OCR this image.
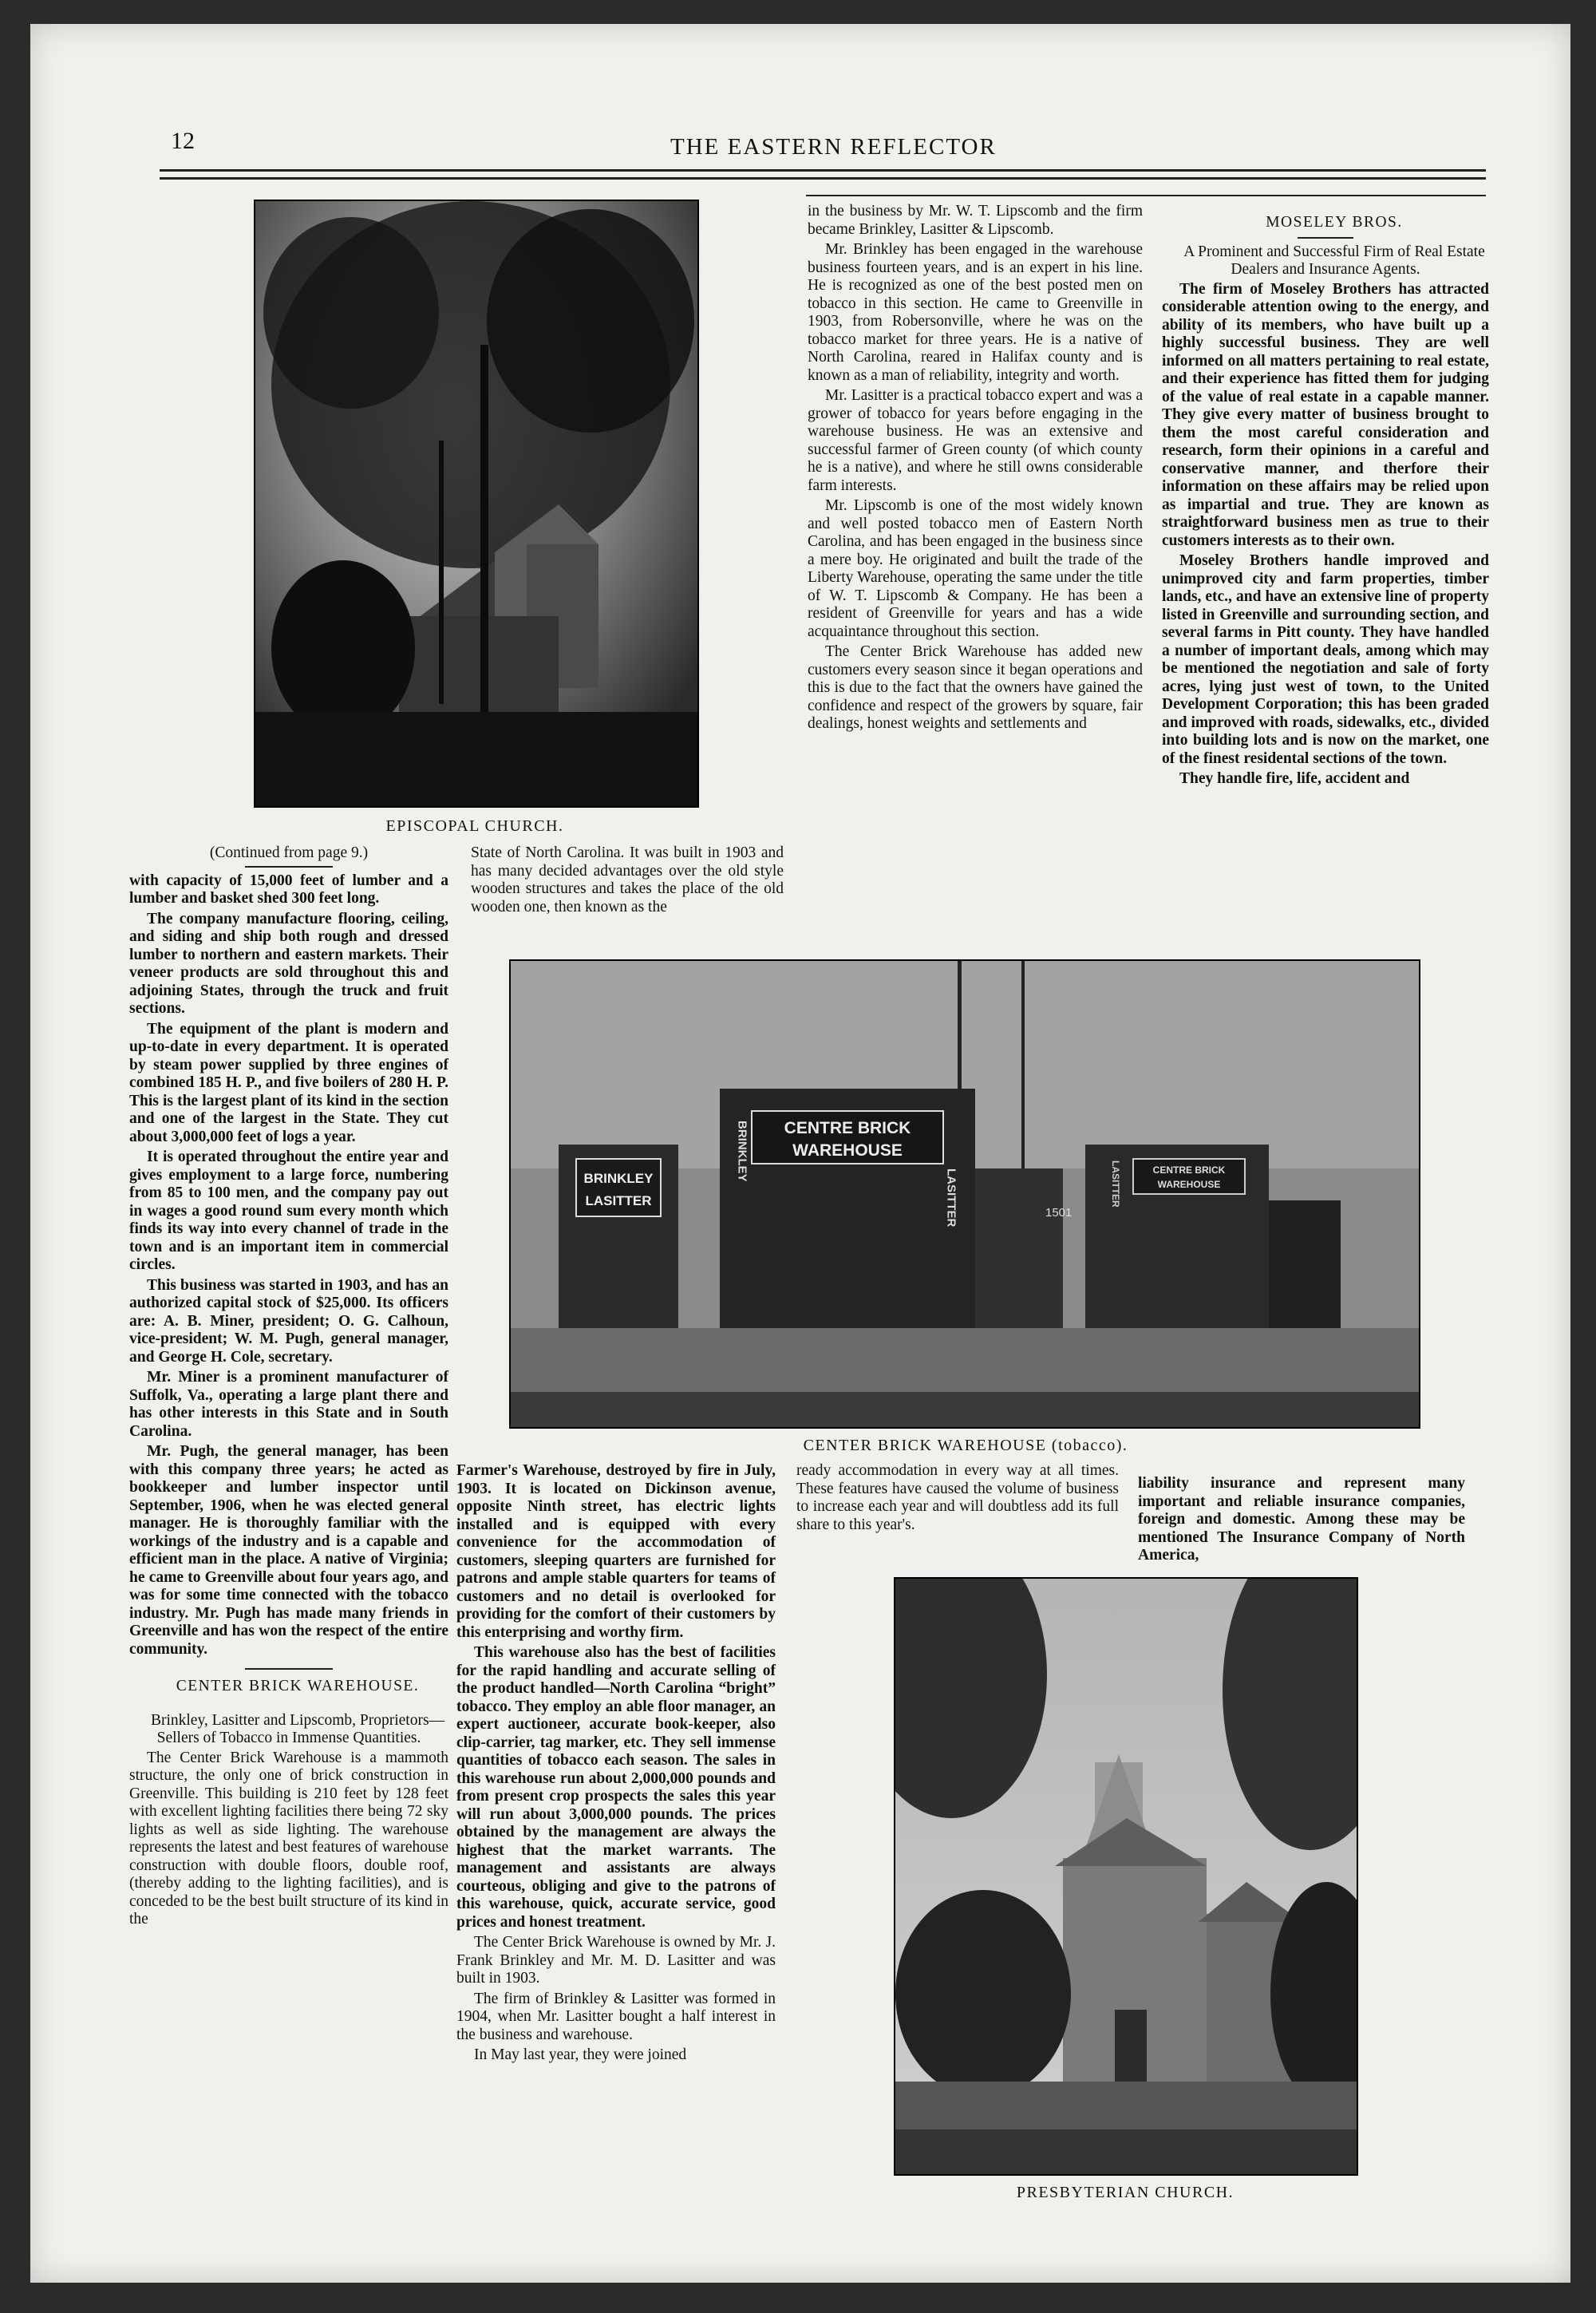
12	THE EASTERN REFLECTOR
EPISCOPAL CHURCH.

(Continued from page 9.)

with capacity of 15,000 feet of lumber and a lumber and basket shed 300 feet long.

The company manufacture flooring, ceiling, and siding and ship both rough and dressed lumber to northern and eastern markets. Their veneer products are sold throughout this and adjoining States, through the truck and fruit sections.

The equipment of the plant is modern and up-to-date in every department. It is operated by steam power supplied by three engines of combined 185 H. P., and five boilers of 280 H. P. This is the largest plant of its kind in the section and one of the largest in the State. They cut about 3,000,000 feet of logs a year.

It is operated throughout the entire year and gives employment to a large force, numbering from 85 to 100 men, and the company pay out in wages a good round sum every month which finds its way into every channel of trade in the town and is an important item in commercial circles.

This business was started in 1903, and has an authorized capital stock of $25,000. Its officers are: A. B. Miner, president; O. G. Calhoun, vice-president; W. M. Pugh, general manager, and George H. Cole, secretary.

Mr. Miner is a prominent manufacturer of Suffolk, Va., operating a large plant there and has other interests in this State and in South Carolina.

Mr. Pugh, the general manager, has been with this company three years; he acted as bookkeeper and lumber inspector until September, 1906, when he was elected general manager. He is thoroughly familiar with the workings of the industry and is a capable and efficient man in the place. A native of Virginia; he came to Greenville about four years ago, and was for some time connected with the tobacco industry. Mr. Pugh has made many friends in Greenville and has won the respect of the entire community.

CENTER BRICK WAREHOUSE.

Brinkley, Lasitter and Lipscomb, Proprietors—Sellers of Tobacco in Immense Quantities.

The Center Brick Warehouse is a mammoth structure, the only one of brick construction in Greenville. This building is 210 feet by 128 feet with excellent lighting facilities there being 72 sky lights as well as side lighting. The warehouse represents the latest and best features of warehouse construction with double floors, double roof, (thereby adding to the lighting facilities), and is conceded to be the best built structure of its kind in the

State of North Carolina. It was built in 1903 and has many decided advantages over the old style wooden structures and takes the place of the old wooden one, then known as the

in the business by Mr. W. T. Lipscomb and the firm became Brinkley, Lasitter & Lipscomb.

Mr. Brinkley has been engaged in the warehouse business fourteen years, and is an expert in his line. He is recognized as one of the best posted men on tobacco in this section. He came to Greenville in 1903, from Robersonville, where he was on the tobacco market for three years. He is a native of North Carolina, reared in Halifax county and is known as a man of reliability, integrity and worth.

Mr. Lasitter is a practical tobacco expert and was a grower of tobacco for years before engaging in the warehouse business. He was an extensive and successful farmer of Green county (of which county he is a native), and where he still owns considerable farm interests.

Mr. Lipscomb is one of the most widely known and well posted tobacco men of Eastern North Carolina, and has been engaged in the business since a mere boy. He originated and built the trade of the Liberty Warehouse, operating the same under the title of W. T. Lipscomb & Company. He has been a resident of Greenville for years and has a wide acquaintance throughout this section.

The Center Brick Warehouse has added new customers every season since it began operations and this is due to the fact that the owners have gained the confidence and respect of the growers by square, fair dealings, honest weights and settlements and

MOSELEY BROS.

A Prominent and Successful Firm of Real Estate Dealers and Insurance Agents.

The firm of Moseley Brothers has attracted considerable attention owing to the energy, and ability of its members, who have built up a highly successful business. They are well informed on all matters pertaining to real estate, and their experience has fitted them for judging of the value of real estate in a capable manner. They give every matter of business brought to them the most careful consideration and research, form their opinions in a careful and conservative manner, and therfore their information on these affairs may be relied upon as impartial and true. They are known as straightforward business men as true to their customers interests as to their own.

Moseley Brothers handle improved and unimproved city and farm properties, timber lands, etc., and have an extensive line of property listed in Greenville and surrounding section, and several farms in Pitt county. They have handled a number of important deals, among which may be mentioned the negotiation and sale of forty acres, lying just west of town, to the United Development Corporation; this has been graded and improved with roads, sidewalks, etc., divided into building lots and is now on the market, one of the finest residental sections of the town.

They handle fire, life, accident and

BRINKLEY
LASITTER
CENTRE BRICK
WAREHOUSE
BRINKLEY
LASITTER	1501
CENTRE BRICK
WAREHOUSE
LASITTER
CENTER BRICK WAREHOUSE (tobacco).

Farmer's Warehouse, destroyed by fire in July, 1903. It is located on Dickinson avenue, opposite Ninth street, has electric lights installed and is equipped with every convenience for the accommodation of customers, sleeping quarters are furnished for patrons and ample stable quarters for teams of customers and no detail is overlooked for providing for the comfort of their customers by this enterprising and worthy firm.

This warehouse also has the best of facilities for the rapid handling and accurate selling of the product handled—North Carolina “bright” tobacco. They employ an able floor manager, an expert auctioneer, accurate book-keeper, also clip-carrier, tag marker, etc. They sell immense quantities of tobacco each season. The sales in this warehouse run about 2,000,000 pounds and from present crop prospects the sales this year will run about 3,000,000 pounds. The prices obtained by the management are always the highest that the market warrants. The management and assistants are always courteous, obliging and give to the patrons of this warehouse, quick, accurate service, good prices and honest treatment.

The Center Brick Warehouse is owned by Mr. J. Frank Brinkley and Mr. M. D. Lasitter and was built in 1903.

The firm of Brinkley & Lasitter was formed in 1904, when Mr. Lasitter bought a half interest in the business and warehouse.

In May last year, they were joined

ready accommodation in every way at all times. These features have caused the volume of business to increase each year and will doubtless add its full share to this year's.

liability insurance and represent many important and reliable insurance companies, foreign and domestic. Among these may be mentioned The Insurance Company of North America,

PRESBYTERIAN CHURCH.
